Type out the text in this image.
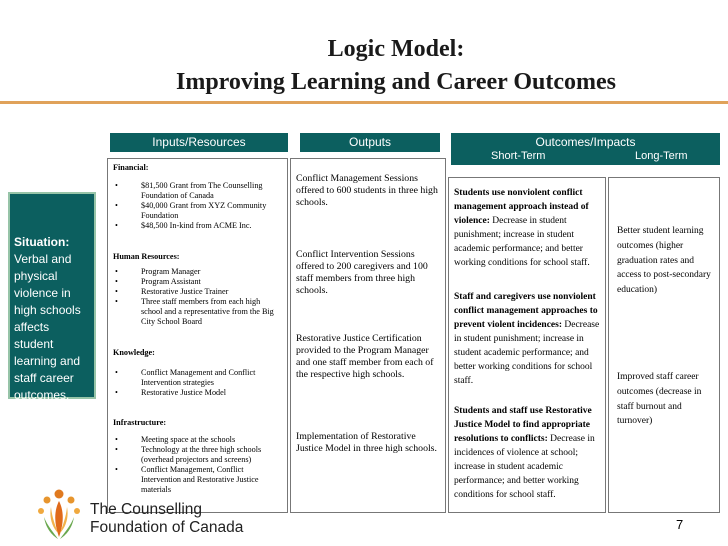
Logic Model:
Improving Learning and Career Outcomes
Inputs/Resources	Outputs	Outcomes/Impacts
Short-Term	Long-Term
Situation:
Verbal and physical violence in high schools affects student learning and staff career outcomes.
Financial:
• $81,500 Grant from The Counselling Foundation of Canada
• $40,000 Grant from XYZ Community Foundation
• $48,500 In-kind from ACME Inc.
Human Resources:
• Program Manager
• Program Assistant
• Restorative Justice Trainer
• Three staff members from each high school and a representative from the Big City School Board
Knowledge:
• Conflict Management and Conflict Intervention strategies
• Restorative Justice Model
Infrastructure:
• Meeting space at the schools
• Technology at the three high schools (overhead projectors and screens)
• Conflict Management, Conflict Intervention and Restorative Justice materials
Conflict Management Sessions offered to 600 students in three high schools.
Conflict Intervention Sessions offered to 200 caregivers and 100 staff members from three high schools.
Restorative Justice Certification provided to the Program Manager and one staff member from each of the respective high schools.
Implementation of Restorative Justice Model in three high schools.
Students use nonviolent conflict management approach instead of violence: Decrease in student punishment; increase in student academic performance; and better working conditions for school staff.
Staff and caregivers use nonviolent conflict management approaches to prevent violent incidences: Decrease in student punishment; increase in student academic performance; and better working conditions for school staff.
Students and staff use Restorative Justice Model to find appropriate resolutions to conflicts: Decrease in incidences of violence at school; increase in student academic performance; and better working conditions for school staff.
Better student learning outcomes (higher graduation rates and access to post-secondary education)
Improved staff career outcomes (decrease in staff burnout and turnover)
The Counselling
Foundation of Canada	7
